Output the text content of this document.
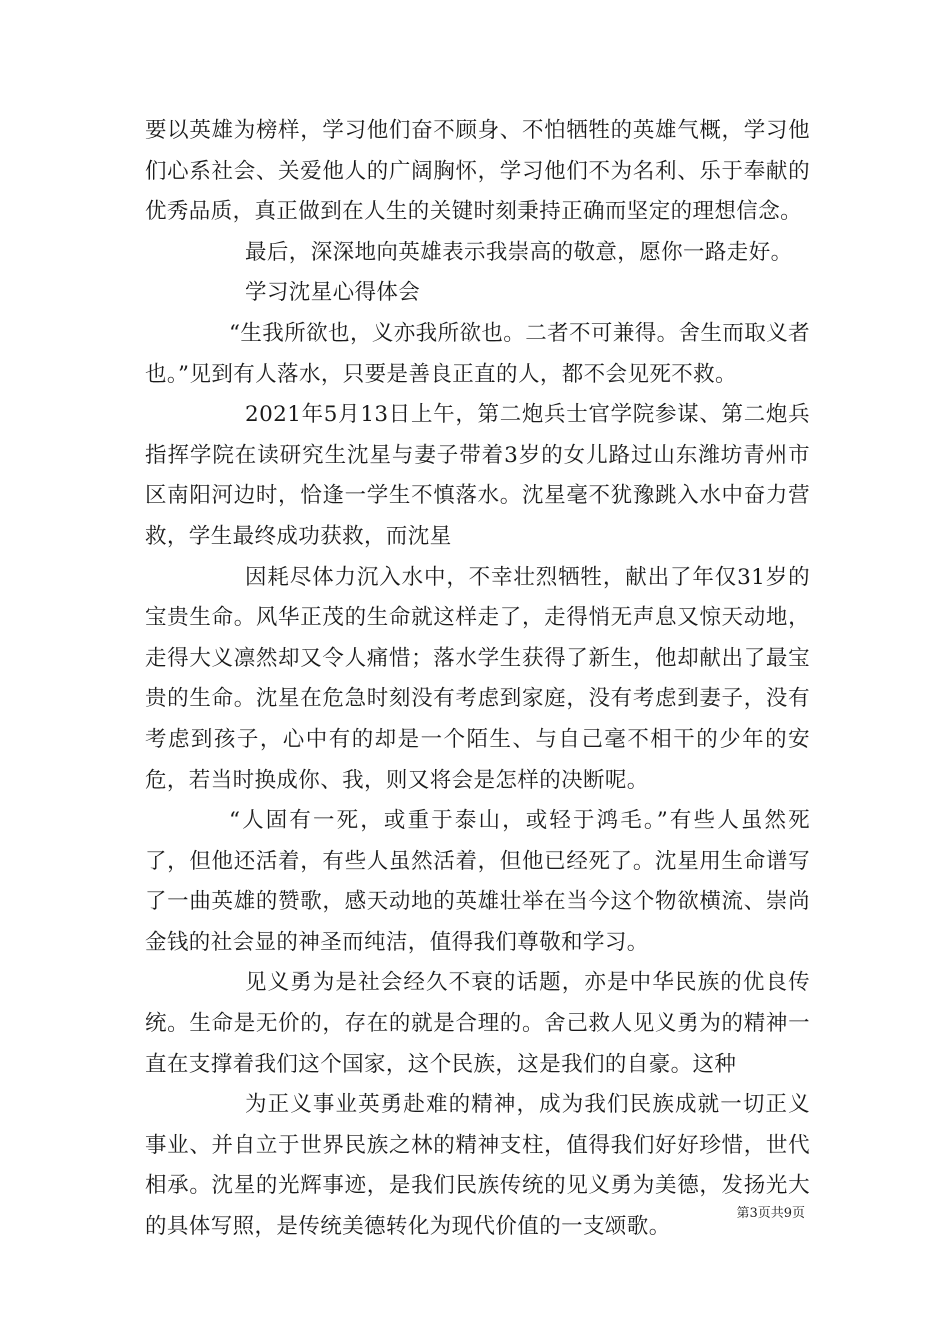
要以英雄为榜样，学习他们奋不顾身、不怕牺牲的英雄气概，学习他们心系社会、关爱他人的广阔胸怀，学习他们不为名利、乐于奉献的优秀品质，真正做到在人生的关键时刻秉持正确而坚定的理想信念。

最后，深深地向英雄表示我崇高的敬意，愿你一路走好。

学习沈星心得体会

“生我所欲也，义亦我所欲也。二者不可兼得。舍生而取义者也。”见到有人落水，只要是善良正直的人，都不会见死不救。

2021年5月13日上午，第二炮兵士官学院参谋、第二炮兵指挥学院在读研究生沈星与妻子带着3岁的女儿路过山东潍坊青州市区南阳河边时，恰逢一学生不慎落水。沈星毫不犹豫跳入水中奋力营救，学生最终成功获救，而沈星

因耗尽体力沉入水中，不幸壮烈牺牲，献出了年仅31岁的宝贵生命。风华正茂的生命就这样走了，走得悄无声息又惊天动地，走得大义凛然却又令人痛惜；落水学生获得了新生，他却献出了最宝贵的生命。沈星在危急时刻没有考虑到家庭，没有考虑到妻子，没有考虑到孩子，心中有的却是一个陌生、与自己毫不相干的少年的安危，若当时换成你、我，则又将会是怎样的决断呢。

“人固有一死，或重于泰山，或轻于鸿毛。”有些人虽然死了，但他还活着，有些人虽然活着，但他已经死了。沈星用生命谱写了一曲英雄的赞歌，感天动地的英雄壮举在当今这个物欲横流、崇尚金钱的社会显的神圣而纯洁，值得我们尊敬和学习。

见义勇为是社会经久不衰的话题，亦是中华民族的优良传统。生命是无价的，存在的就是合理的。舍己救人见义勇为的精神一直在支撑着我们这个国家，这个民族，这是我们的自豪。这种

为正义事业英勇赴难的精神，成为我们民族成就一切正义事业、并自立于世界民族之林的精神支柱，值得我们好好珍惜，世代相承。沈星的光辉事迹，是我们民族传统的见义勇为美德，发扬光大的具体写照，是传统美德转化为现代价值的一支颂歌。

第3页共9页
